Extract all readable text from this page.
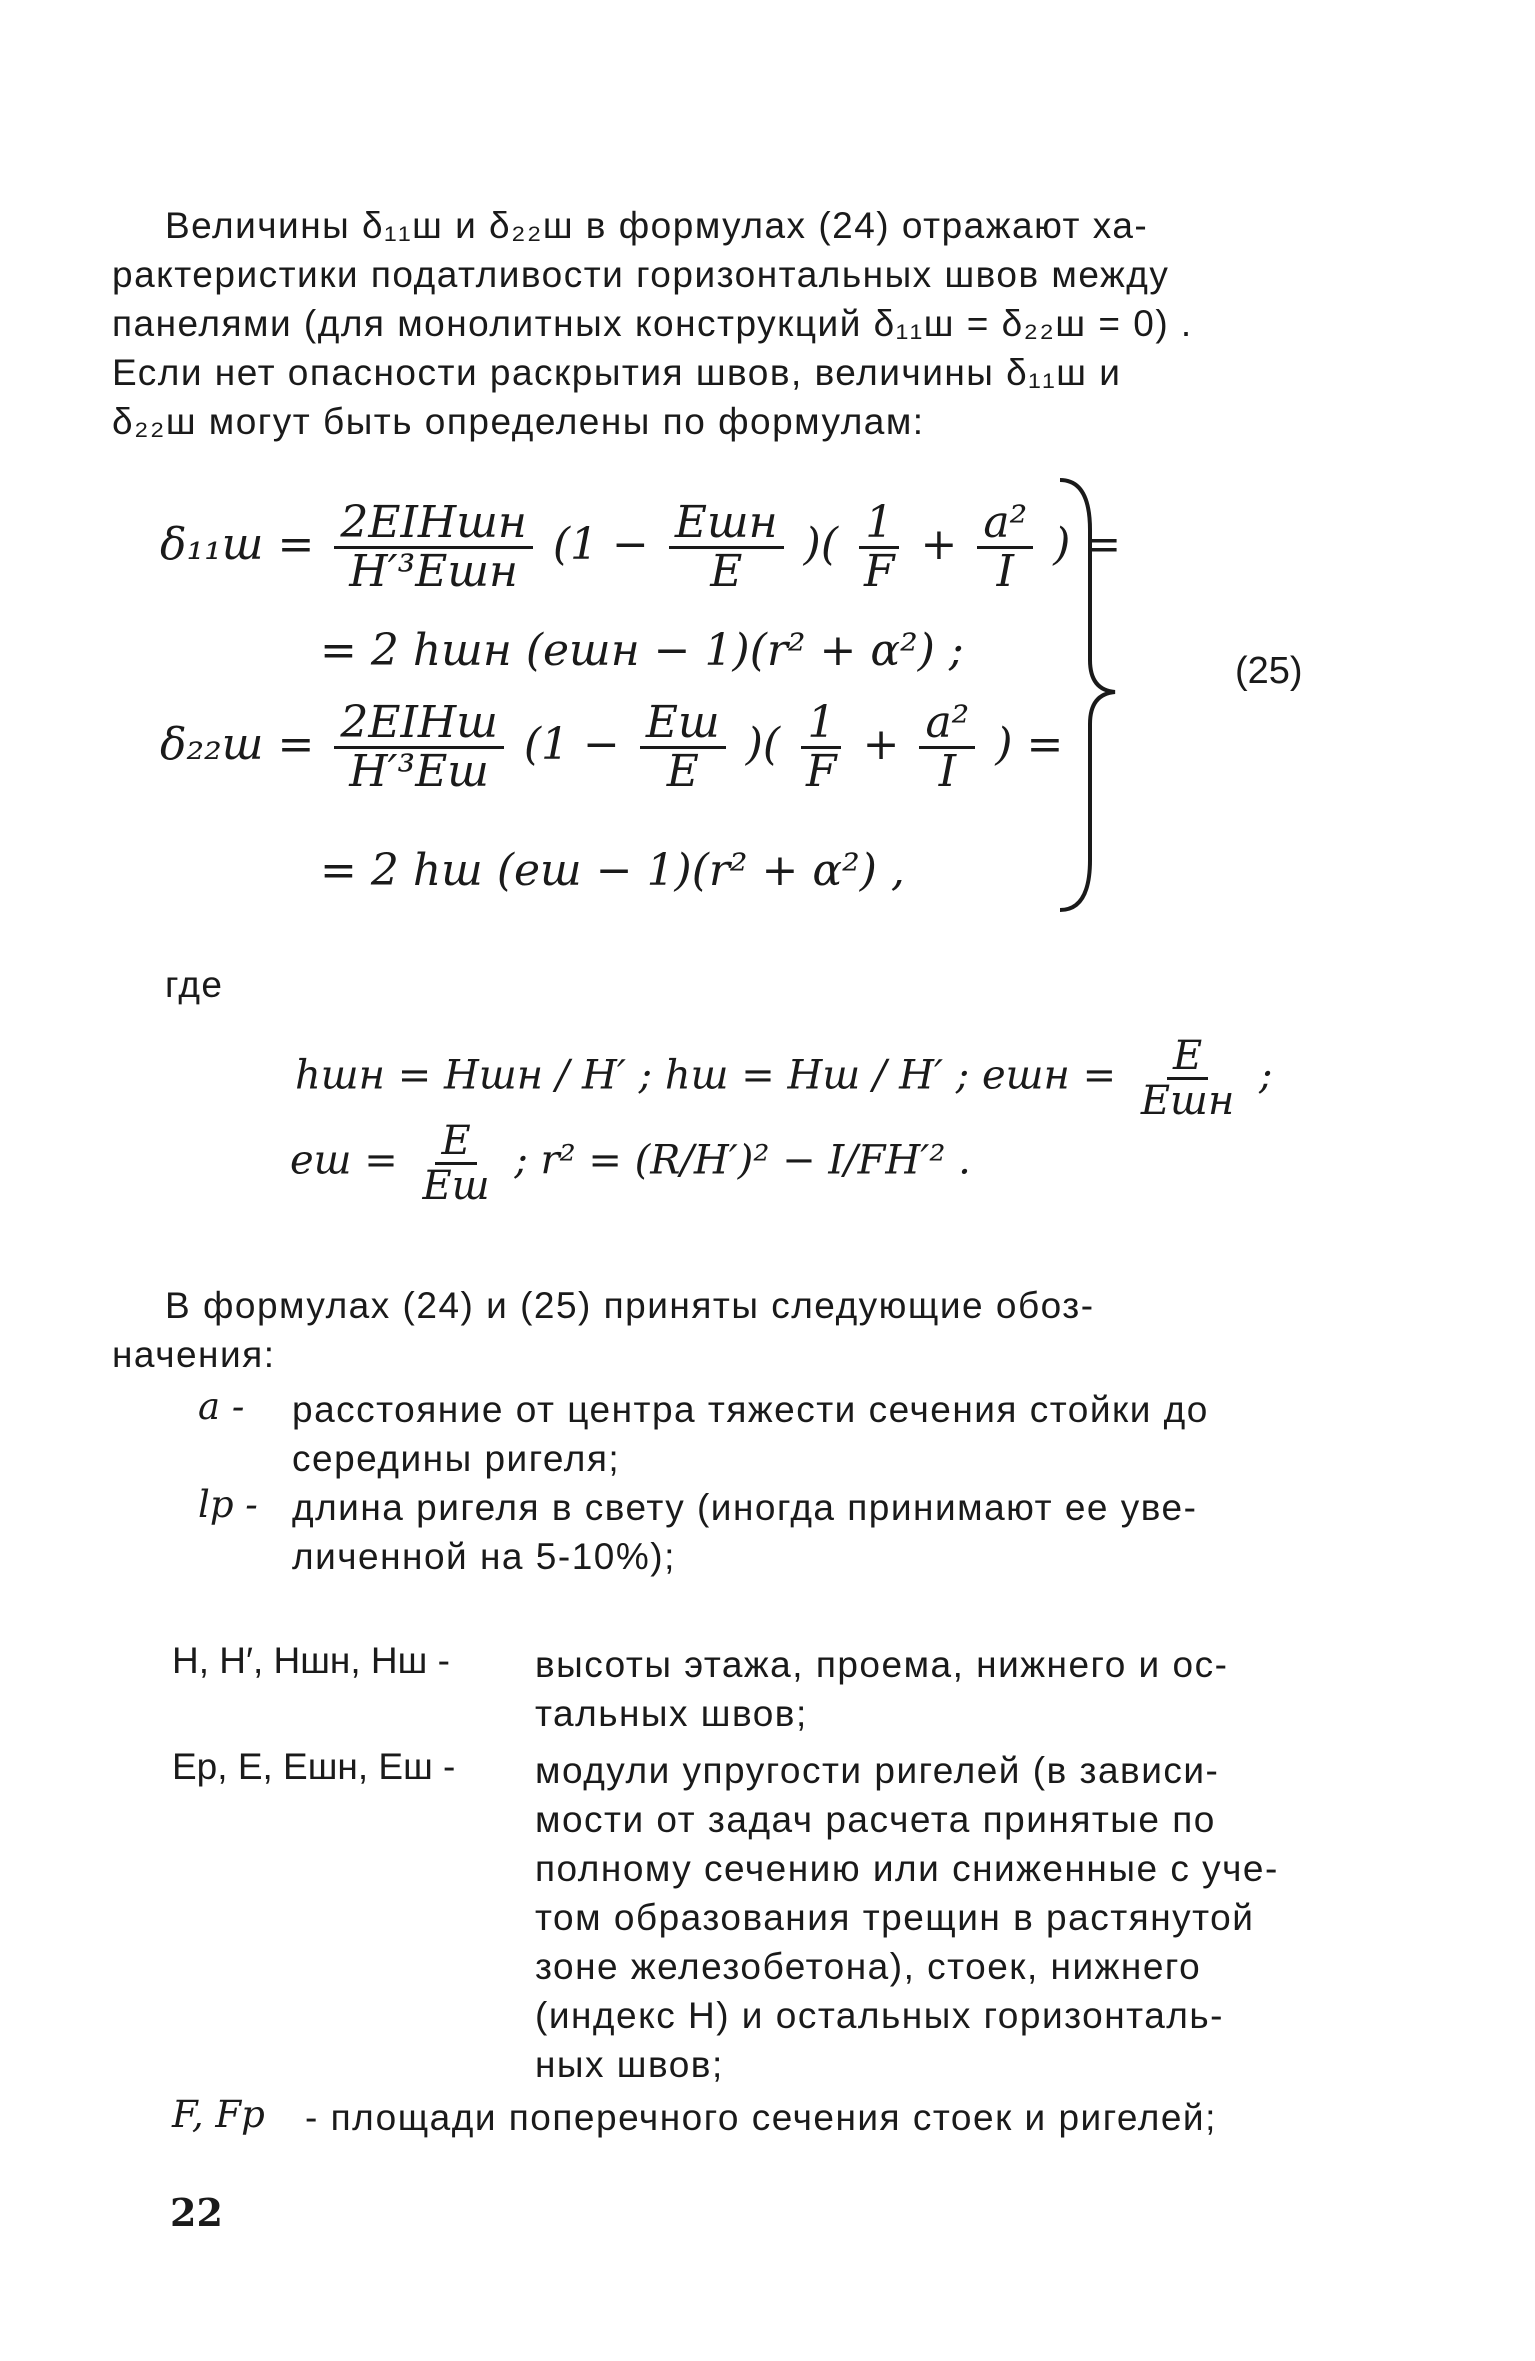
Величины δ₁₁ш и δ₂₂ш в формулах (24) отражают ха-
рактеристики податливости горизонтальных швов между
панелями (для монолитных конструкций δ₁₁ш = δ₂₂ш = 0) .
Если нет опасности раскрытия швов, величины δ₁₁ш и
δ₂₂ш могут быть определены по формулам:
$\delta_{11}ш = \frac{\text{2EIHшн}}{\text{H′³Eшн}} (1 - \frac{\text{Eшн}}{E}$ )( $\frac{1}{F} + \frac{\text{a²}}{I}$ ) =
= 2 hшн (eшн − 1)(r² + α²) ;
$\delta_{22}ш = \frac{\text{2EIHш}}{\text{H′³Eш}} (1 - \frac{Eш}{E}$ )( $\frac{1}{F} + \frac{\text{a²}}{I}$ ) =
= 2 hш (eш − 1)(r² + α²) ,
(25)
где
hшн = Hшн / H′ ; hш = Hш / H′ ; eшн = $\frac{E}{\text{Eшн}}$ ;
eш = $\frac{E}{Eш}$ ; r² = (R/H′)² − I/FH′² .
В формулах (24) и (25) приняты следующие обоз-
начения:
a - расстояние от центра тяжести сечения стойки до
середины ригеля;
lp - длина ригеля в свету (иногда принимают ее уве-
личенной на 5-10%);
H, H′, Hшн, Hш - высоты этажа, проема, нижнего и ос-
тальных швов;
Ep, E, Eшн, Eш - модули упругости ригелей (в зависи-
мости от задач расчета принятые по
полному сечению или сниженные с уче-
том образования трещин в растянутой
зоне железобетона), стоек, нижнего
(индекс Н) и остальных горизонталь-
ных швов;
F, Fp - площади поперечного сечения стоек и ригелей;
22
